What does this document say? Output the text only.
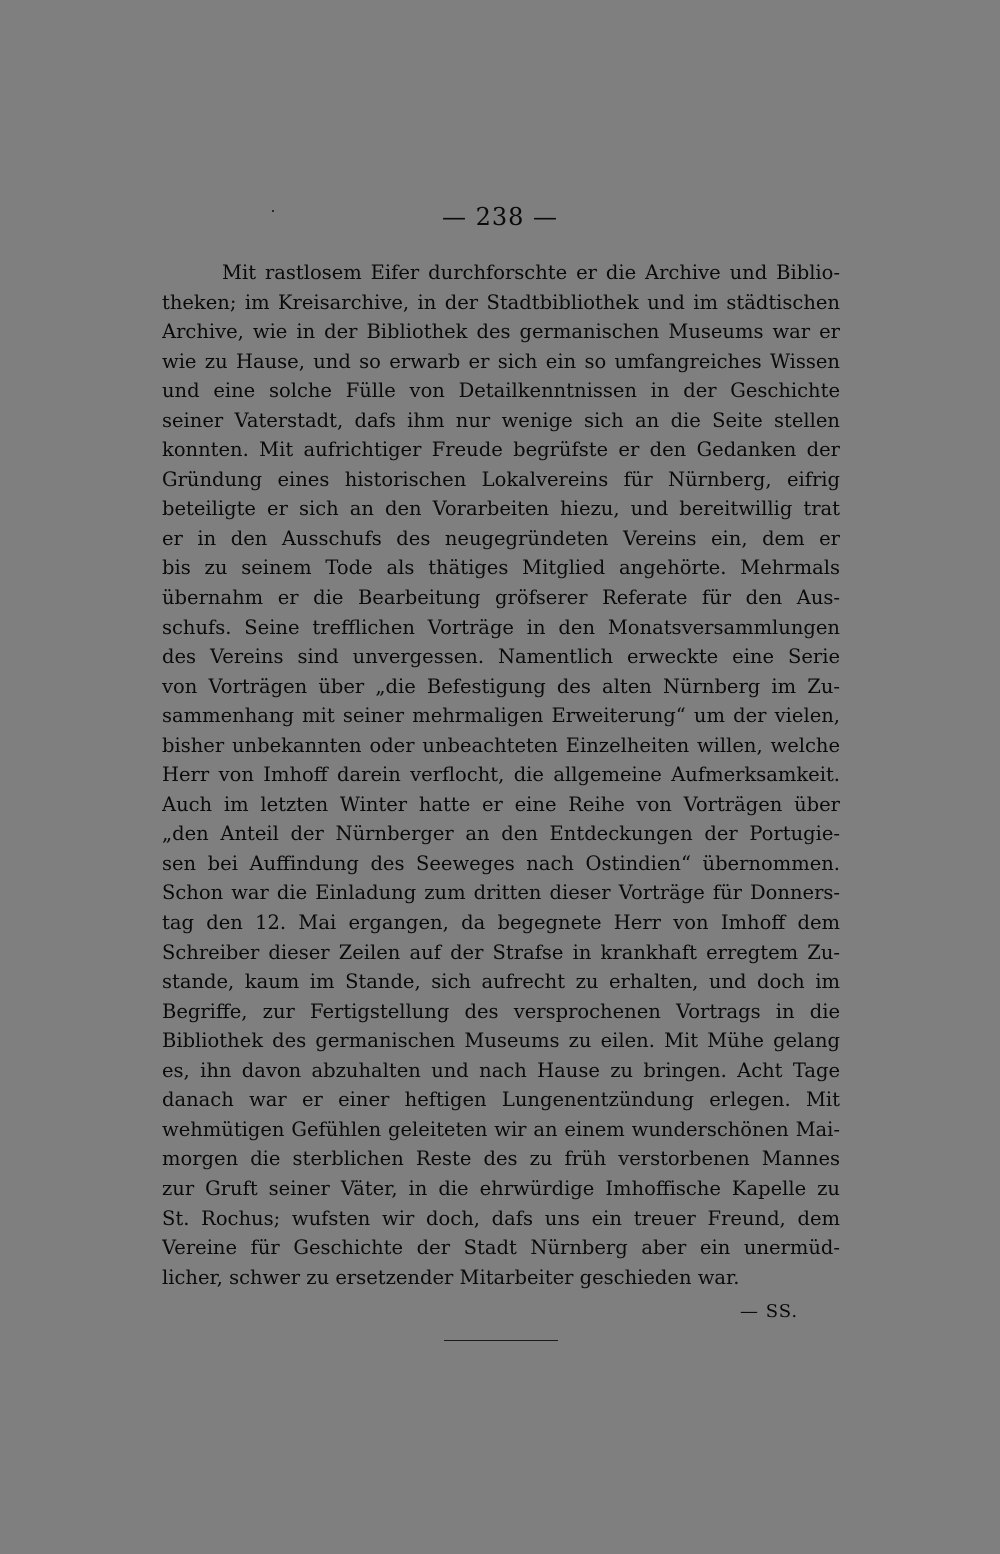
— 238 —
Mit rastlosem Eifer durchforschte er die Archive und Biblio-
theken; im Kreisarchive, in der Stadtbibliothek und im städtischen
Archive, wie in der Bibliothek des germanischen Museums war er
wie zu Hause, und so erwarb er sich ein so umfangreiches Wissen
und eine solche Fülle von Detailkenntnissen in der Geschichte
seiner Vaterstadt, dafs ihm nur wenige sich an die Seite stellen
konnten. Mit aufrichtiger Freude begrüfste er den Gedanken der
Gründung eines historischen Lokalvereins für Nürnberg, eifrig
beteiligte er sich an den Vorarbeiten hiezu, und bereitwillig trat
er in den Ausschufs des neugegründeten Vereins ein, dem er
bis zu seinem Tode als thätiges Mitglied angehörte. Mehrmals
übernahm er die Bearbeitung gröfserer Referate für den Aus-
schufs. Seine trefflichen Vorträge in den Monatsversammlungen
des Vereins sind unvergessen. Namentlich erweckte eine Serie
von Vorträgen über „die Befestigung des alten Nürnberg im Zu-
sammenhang mit seiner mehrmaligen Erweiterung“ um der vielen,
bisher unbekannten oder unbeachteten Einzelheiten willen, welche
Herr von Imhoff darein verflocht, die allgemeine Aufmerksamkeit.
Auch im letzten Winter hatte er eine Reihe von Vorträgen über
„den Anteil der Nürnberger an den Entdeckungen der Portugie-
sen bei Auffindung des Seeweges nach Ostindien“ übernommen.
Schon war die Einladung zum dritten dieser Vorträge für Donners-
tag den 12. Mai ergangen, da begegnete Herr von Imhoff dem
Schreiber dieser Zeilen auf der Strafse in krankhaft erregtem Zu-
stande, kaum im Stande, sich aufrecht zu erhalten, und doch im
Begriffe, zur Fertigstellung des versprochenen Vortrags in die
Bibliothek des germanischen Museums zu eilen. Mit Mühe gelang
es, ihn davon abzuhalten und nach Hause zu bringen. Acht Tage
danach war er einer heftigen Lungenentzündung erlegen. Mit
wehmütigen Gefühlen geleiteten wir an einem wunderschönen Mai-
morgen die sterblichen Reste des zu früh verstorbenen Mannes
zur Gruft seiner Väter, in die ehrwürdige Imhoffische Kapelle zu
St. Rochus; wufsten wir doch, dafs uns ein treuer Freund, dem
Vereine für Geschichte der Stadt Nürnberg aber ein unermüd-
licher, schwer zu ersetzender Mitarbeiter geschieden war.
— SS.
